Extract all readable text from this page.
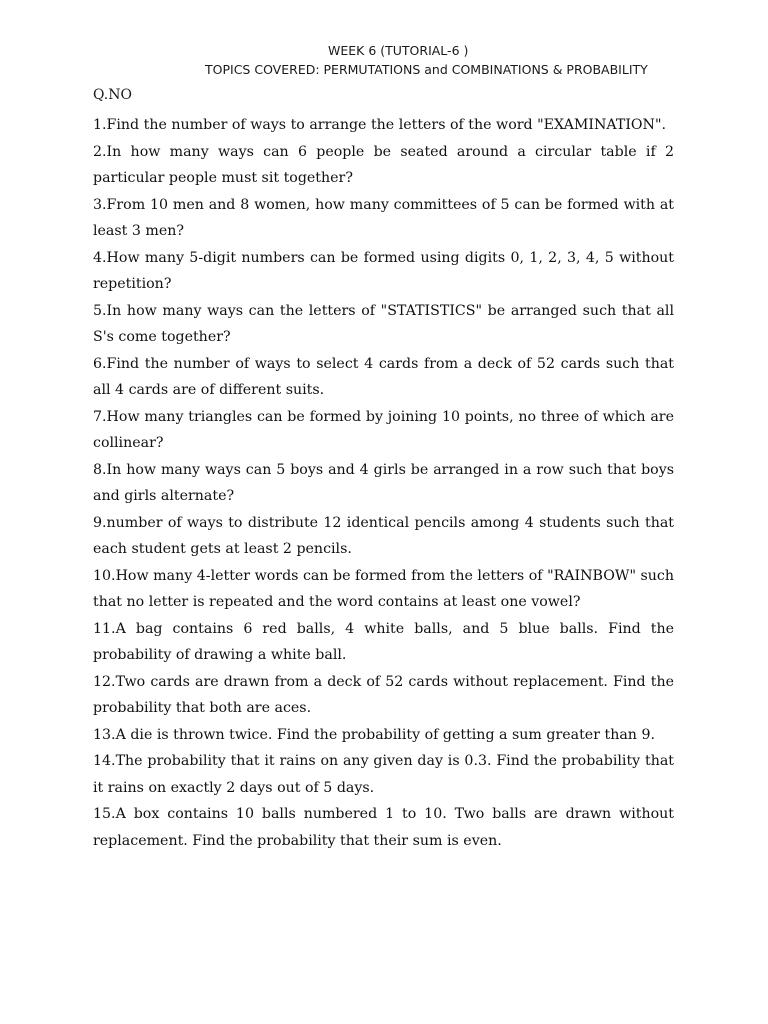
WEEK 6 (TUTORIAL-6 )
TOPICS COVERED: PERMUTATIONS and COMBINATIONS & PROBABILITY
Q.NO
1.Find the number of ways to arrange the letters of the word "EXAMINATION".
2.In how many ways can 6 people be seated around a circular table if 2 particular people must sit together?
3.From 10 men and 8 women, how many committees of 5 can be formed with at least 3 men?
4.How many 5-digit numbers can be formed using digits 0, 1, 2, 3, 4, 5 without repetition?
5.In how many ways can the letters of "STATISTICS" be arranged such that all S's come together?
6.Find the number of ways to select 4 cards from a deck of 52 cards such that all 4 cards are of different suits.
7.How many triangles can be formed by joining 10 points, no three of which are collinear?
8.In how many ways can 5 boys and 4 girls be arranged in a row such that boys and girls alternate?
9.number of ways to distribute 12 identical pencils among 4 students such that each student gets at least 2 pencils.
10.How many 4-letter words can be formed from the letters of "RAINBOW" such that no letter is repeated and the word contains at least one vowel?
11.A bag contains 6 red balls, 4 white balls, and 5 blue balls. Find the probability of drawing a white ball.
12.Two cards are drawn from a deck of 52 cards without replacement. Find the probability that both are aces.
13.A die is thrown twice. Find the probability of getting a sum greater than 9.
14.The probability that it rains on any given day is 0.3. Find the probability that it rains on exactly 2 days out of 5 days.
15.A box contains 10 balls numbered 1 to 10. Two balls are drawn without replacement. Find the probability that their sum is even.
